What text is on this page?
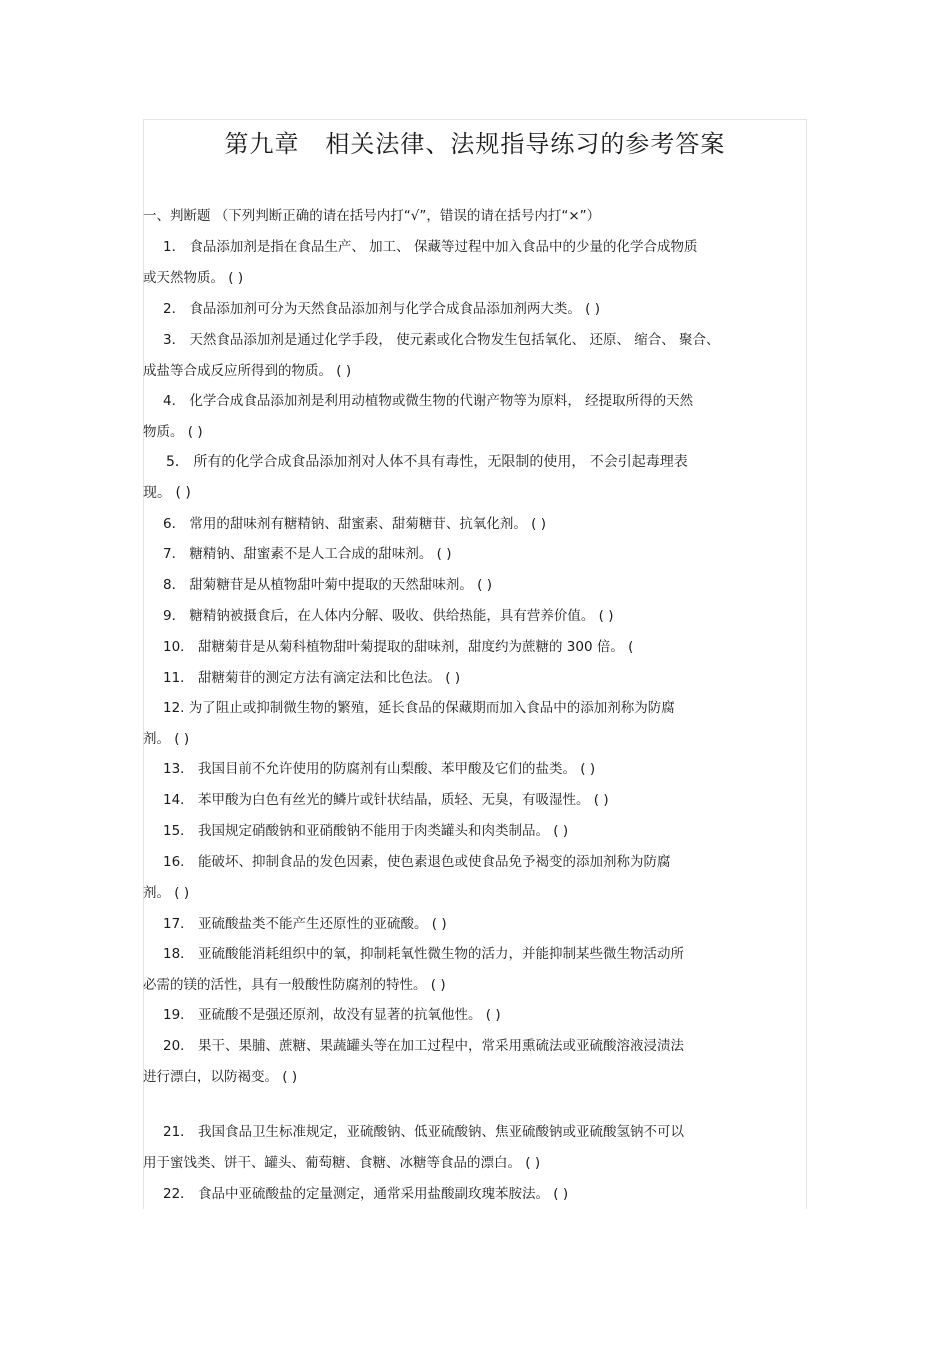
第九章   相关法律、法规指导练习的参考答案
一、判断题 （下列判断正确的请在括号内打“√”，错误的请在括号内打“×”）
1． 食品添加剂是指在食品生产、 加工、 保藏等过程中加入食品中的少量的化学合成物质
或天然物质。 ( )
2． 食品添加剂可分为天然食品添加剂与化学合成食品添加剂两大类。 ( )
3． 天然食品添加剂是通过化学手段， 使元素或化合物发生包括氧化、 还原、 缩合、 聚合、
成盐等合成反应所得到的物质。 ( )
4． 化学合成食品添加剂是利用动植物或微生物的代谢产物等为原料， 经提取所得的天然
物质。 ( )
5． 所有的化学合成食品添加剂对人体不具有毒性，无限制的使用， 不会引起毒理表
现。 ( )
6． 常用的甜味剂有糖精钠、甜蜜素、甜菊糖苷、抗氧化剂。 ( )
7． 糖精钠、甜蜜素不是人工合成的甜味剂。 ( )
8． 甜菊糖苷是从植物甜叶菊中提取的天然甜味剂。 ( )
9． 糖精钠被摄食后，在人体内分解、吸收、供给热能，具有营养价值。 ( )
10． 甜糖菊苷是从菊科植物甜叶菊提取的甜味剂，甜度约为蔗糖的 300 倍。 (
11． 甜糖菊苷的测定方法有滴定法和比色法。 ( )
12. 为了阻止或抑制微生物的繁殖，延长食品的保藏期而加入食品中的添加剂称为防腐
剂。 ( )
13． 我国目前不允许使用的防腐剂有山梨酸、苯甲酸及它们的盐类。 ( )
14． 苯甲酸为白色有丝光的鳞片或针状结晶，质轻、无臭，有吸湿性。 ( )
15． 我国规定硝酸钠和亚硝酸钠不能用于肉类罐头和肉类制品。 ( )
16． 能破坏、抑制食品的发色因素，使色素退色或使食品免予褐变的添加剂称为防腐
剂。 ( )
17． 亚硫酸盐类不能产生还原性的亚硫酸。 ( )
18． 亚硫酸能消耗组织中的氧，抑制耗氧性微生物的活力，并能抑制某些微生物活动所
必需的镁的活性，具有一般酸性防腐剂的特性。 ( )
19． 亚硫酸不是强还原剂，故没有显著的抗氧他性。 ( )
20． 果干、果脯、蔗糖、果蔬罐头等在加工过程中，常采用熏硫法或亚硫酸溶液浸渍法
进行漂白，以防褐变。 ( )
21． 我国食品卫生标准规定，亚硫酸钠、低亚硫酸钠、焦亚硫酸钠或亚硫酸氢钠不可以
用于蜜饯类、饼干、罐头、葡萄糖、食糖、冰糖等食品的漂白。 ( )
22． 食品中亚硫酸盐的定量测定，通常采用盐酸副玫瑰苯胺法。 ( )
